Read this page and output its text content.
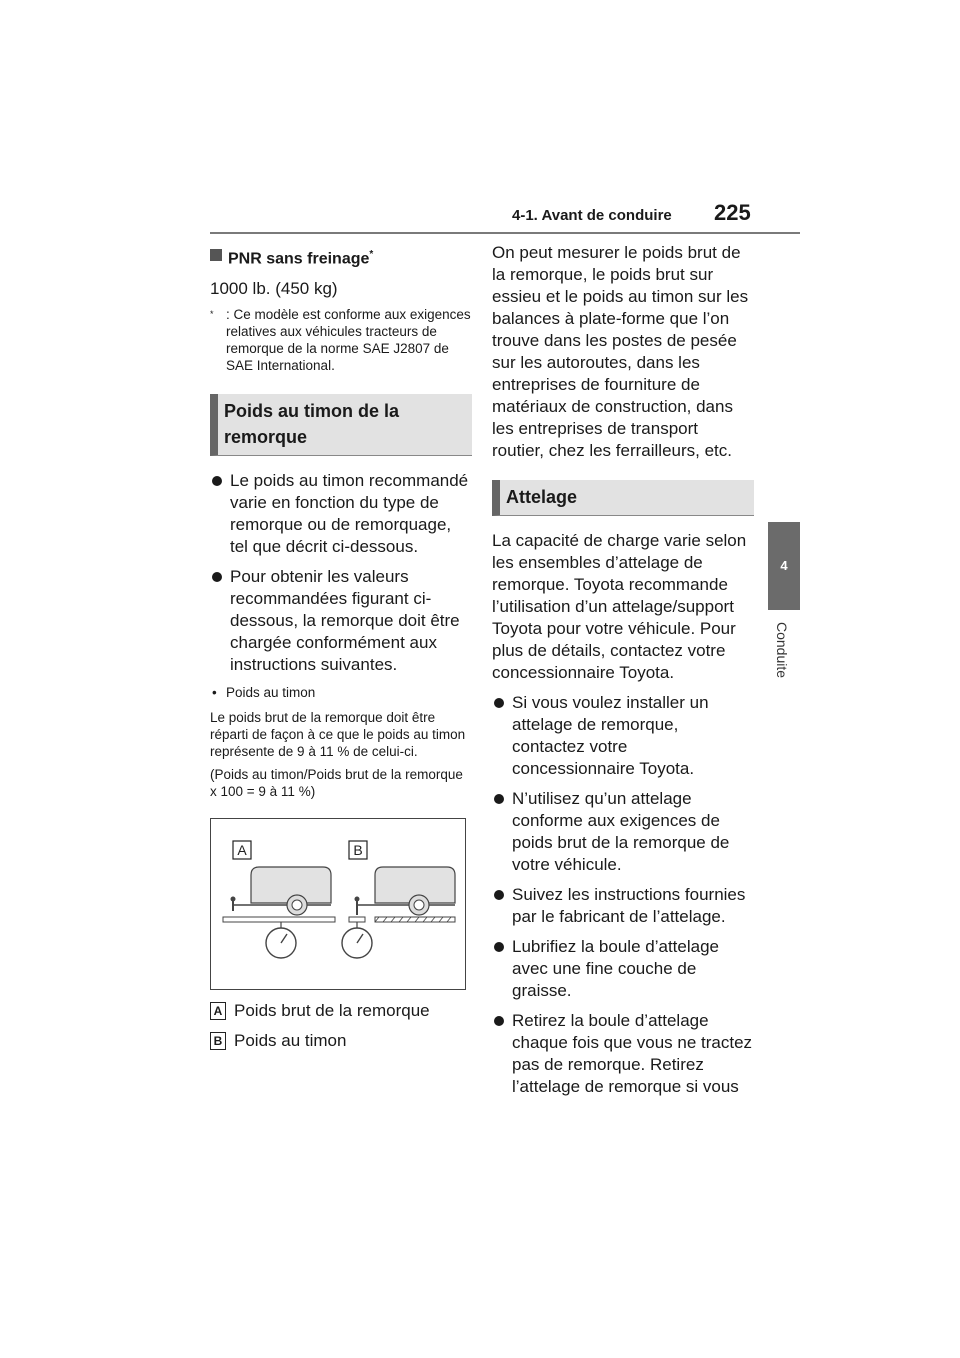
4-1. Avant de conduire 225
4
Conduite
PNR sans freinage*
1000 lb. (450 kg)
* : Ce modèle est conforme aux exigences relatives aux véhicules tracteurs de remorque de la norme SAE J2807 de SAE International.
Poids au timon de la remorque
Le poids au timon recommandé varie en fonction du type de remorque ou de remorquage, tel que décrit ci-dessous.
Pour obtenir les valeurs recommandées figurant ci-dessous, la remorque doit être chargée conformément aux instructions suivantes.
• Poids au timon
Le poids brut de la remorque doit être réparti de façon à ce que le poids au timon représente de 9 à 11 % de celui-ci.
(Poids au timon/Poids brut de la remorque x 100 = 9 à 11 %)
A	B
A Poids brut de la remorque
B Poids au timon
On peut mesurer le poids brut de la remorque, le poids brut sur essieu et le poids au timon sur les balances à plate-forme que l’on trouve dans les postes de pesée sur les autoroutes, dans les entreprises de fourniture de matériaux de construction, dans les entreprises de transport routier, chez les ferrailleurs, etc.
Attelage
La capacité de charge varie selon les ensembles d’attelage de remorque. Toyota recommande l’utilisation d’un attelage/support Toyota pour votre véhicule. Pour plus de détails, contactez votre concessionnaire Toyota.
Si vous voulez installer un attelage de remorque, contactez votre concessionnaire Toyota.
N’utilisez qu’un attelage conforme aux exigences de poids brut de la remorque de votre véhicule.
Suivez les instructions fournies par le fabricant de l’attelage.
Lubrifiez la boule d’attelage avec une fine couche de graisse.
Retirez la boule d’attelage chaque fois que vous ne tractez pas de remorque. Retirez l’attelage de remorque si vous
